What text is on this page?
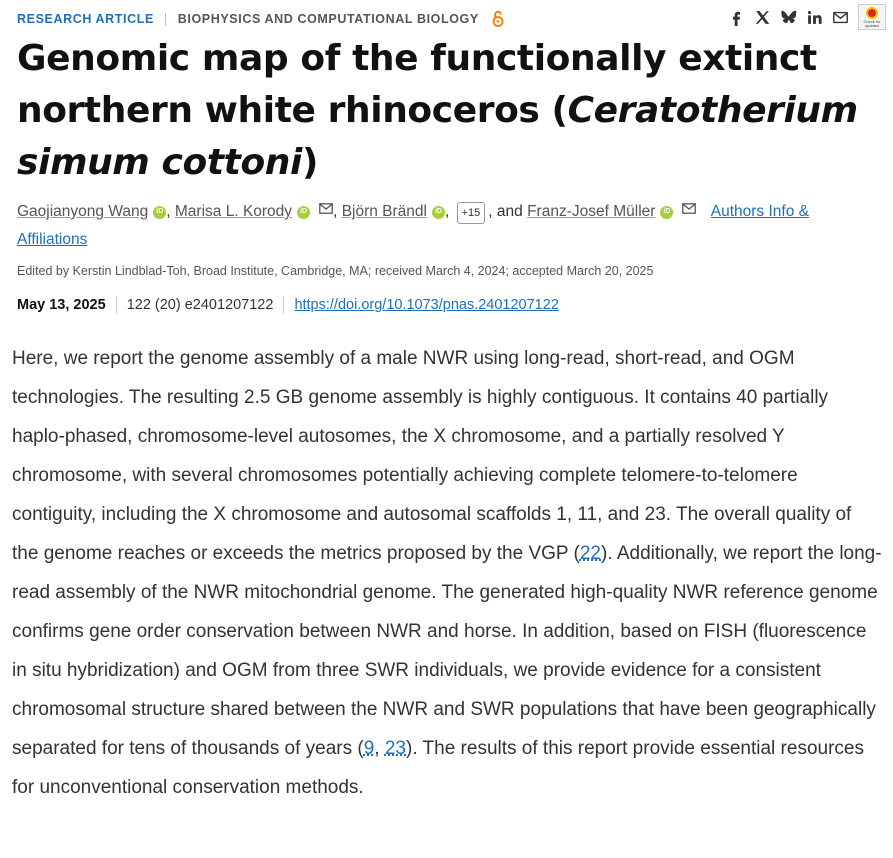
RESEARCH ARTICLE | BIOPHYSICS AND COMPUTATIONAL BIOLOGY	Check for
updates
Genomic map of the functionally extinct northern white rhinoceros (Ceratotherium simum cottoni)
Gaojianyong Wang iD , Marisa L. Korody iD , Björn Brändl iD , +15 , and Franz-Josef Müller iD	Authors Info & Affiliations
Edited by Kerstin Lindblad-Toh, Broad Institute, Cambridge, MA; received March 4, 2024; accepted March 20, 2025
May 13, 2025 122 (20) e2401207122 https://doi.org/10.1073/pnas.2401207122

Here, we report the genome assembly of a male NWR using long-read, short-read, and OGM technologies. The resulting 2.5 GB genome assembly is highly contiguous. It contains 40 partially haplo-phased, chromosome-level autosomes, the X chromosome, and a partially resolved Y chromosome, with several chromosomes potentially achieving complete telomere-to-telomere contiguity, including the X chromosome and autosomal scaffolds 1, 11, and 23. The overall quality of the genome reaches or exceeds the metrics proposed by the VGP (22). Additionally, we report the long-read assembly of the NWR mitochondrial genome. The generated high-quality NWR reference genome confirms gene order conservation between NWR and horse. In addition, based on FISH (fluorescence in situ hybridization) and OGM from three SWR individuals, we provide evidence for a consistent chromosomal structure shared between the NWR and SWR populations that have been geographically separated for tens of thousands of years (9, 23). The results of this report provide essential resources for unconventional conservation methods.
